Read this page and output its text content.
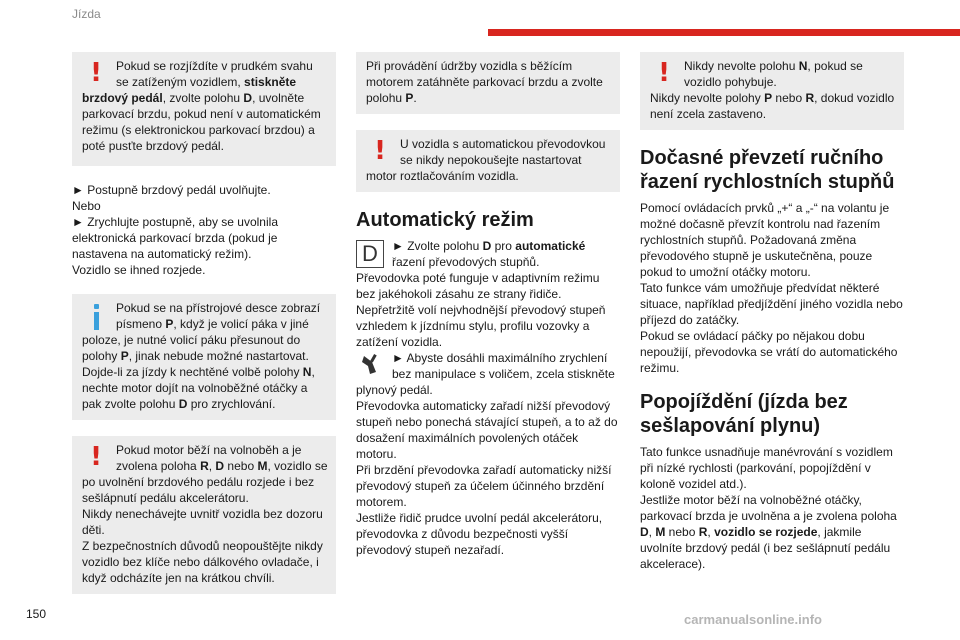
Jízda
!	Pokud se rozjíždíte v prudkém svahu se zatíženým vozidlem, stiskněte brzdový pedál, zvolte polohu D, uvolněte parkovací brzdu, pokud není v automatickém režimu (s elektronickou parkovací brzdou) a poté pusťte brzdový pedál.

► Postupně brzdový pedál uvolňujte.

Nebo

► Zrychlujte postupně, aby se uvolnila elektronická parkovací brzda (pokud je nastavena na automatický režim).

Vozidlo se ihned rozjede.

Pokud se na přístrojové desce zobrazí písmeno P, když je volicí páka v jiné poloze, je nutné volicí páku přesunout do polohy P, jinak nebude možné nastartovat.
Dojde-li za jízdy k nechtěné volbě polohy N, nechte motor dojít na volnoběžné otáčky a pak zvolte polohu D pro zrychlování.
!	Pokud motor běží na volnoběh a je zvolena poloha R, D nebo M, vozidlo se po uvolnění brzdového pedálu rozjede i bez sešlápnutí pedálu akcelerátoru.
Nikdy nenechávejte uvnitř vozidla bez dozoru děti.
Z bezpečnostních důvodů neopouštějte nikdy vozidlo bez klíče nebo dálkového ovladače, i když odcházíte jen na krátkou chvíli.
Při provádění údržby vozidla s běžícím motorem zatáhněte parkovací brzdu a zvolte polohu P.
!	U vozidla s automatickou převodovkou se nikdy nepokoušejte nastartovat motor roztlačováním vozidla.
Automatický režim
D	► Zvolte polohu D pro automatické řazení převodových stupňů.

Převodovka poté funguje v adaptivním režimu bez jakéhokoli zásahu ze strany řidiče.

Nepřetržitě volí nejvhodnější převodový stupeň vzhledem k jízdnímu stylu, profilu vozovky a zatížení vozidla.

► Abyste dosáhli maximálního zrychlení bez manipulace s voličem, zcela stiskněte plynový pedál.

Převodovka automaticky zařadí nižší převodový stupeň nebo ponechá stávající stupeň, a to až do dosažení maximálních povolených otáček motoru.

Při brzdění převodovka zařadí automaticky nižší převodový stupeň za účelem účinného brzdění motorem.

Jestliže řidič prudce uvolní pedál akcelerátoru, převodovka z důvodu bezpečnosti vyšší převodový stupeň nezařadí.

!	Nikdy nevolte polohu N, pokud se vozidlo pohybuje.
Nikdy nevolte polohy P nebo R, dokud vozidlo není zcela zastaveno.
Dočasné převzetí ručního řazení rychlostních stupňů

Pomocí ovládacích prvků „+“ a „-“ na volantu je možné dočasně převzít kontrolu nad řazením rychlostních stupňů. Požadovaná změna převodového stupně je uskutečněna, pouze pokud to umožní otáčky motoru.

Tato funkce vám umožňuje předvídat některé situace, například předjíždění jiného vozidla nebo příjezd do zatáčky.

Pokud se ovládací páčky po nějakou dobu nepoužijí, převodovka se vrátí do automatického režimu.

Popojíždění (jízda bez sešlapování plynu)

Tato funkce usnadňuje manévrování s vozidlem při nízké rychlosti (parkování, popojíždění v koloně vozidel atd.).

Jestliže motor běží na volnoběžné otáčky, parkovací brzda je uvolněna a je zvolena poloha D, M nebo R, vozidlo se rozjede, jakmile uvolníte brzdový pedál (i bez sešlápnutí pedálu akcelerace).

150	carmanualsonline.info
